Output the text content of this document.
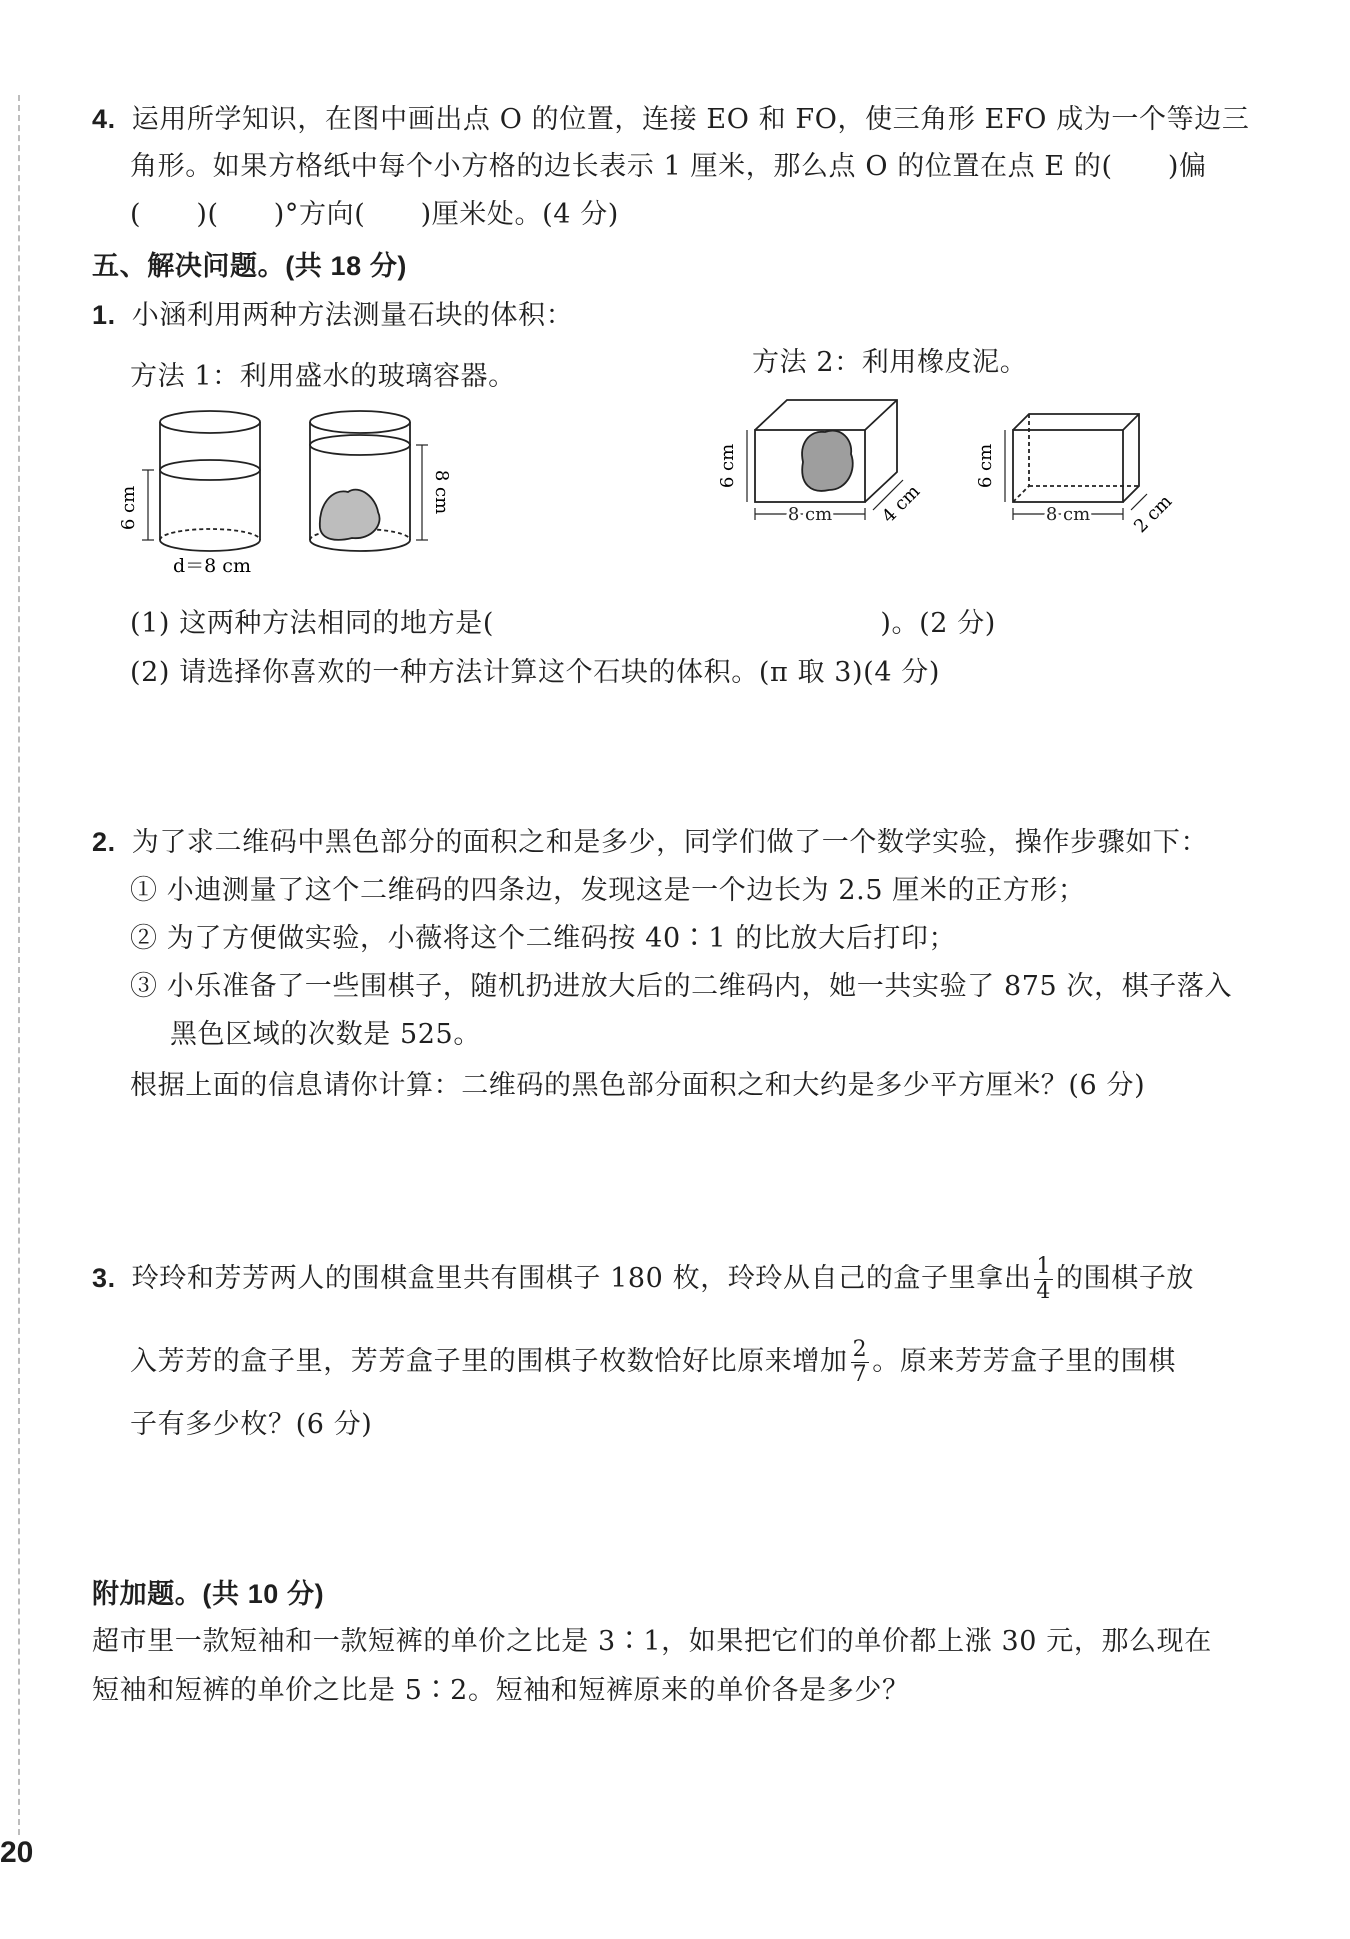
4. 运用所学知识，在图中画出点 O 的位置，连接 EO 和 FO，使三角形 EFO 成为一个等边三
角形。如果方格纸中每个小方格的边长表示 1 厘米，那么点 O 的位置在点 E 的(　　)偏
(　　)(　　)°方向(　　)厘米处。(4 分)
五、解决问题。(共 18 分)
1. 小涵利用两种方法测量石块的体积：
方法 1：利用盛水的玻璃容器。	方法 2：利用橡皮泥。
6 cm	8 cm
d＝8 cm
6 cm
8 cm	4 cm
6 cm
8 cm 2 cm
(1) 这两种方法相同的地方是(　　　　　　　　　　　　　　)。(2 分)
(2) 请选择你喜欢的一种方法计算这个石块的体积。(π 取 3)(4 分)
2. 为了求二维码中黑色部分的面积之和是多少，同学们做了一个数学实验，操作步骤如下：
① 小迪测量了这个二维码的四条边，发现这是一个边长为 2.5 厘米的正方形；
② 为了方便做实验，小薇将这个二维码按 40∶1 的比放大后打印；
③ 小乐准备了一些围棋子，随机扔进放大后的二维码内，她一共实验了 875 次，棋子落入
黑色区域的次数是 525。
根据上面的信息请你计算：二维码的黑色部分面积之和大约是多少平方厘米？(6 分)
3. 玲玲和芳芳两人的围棋盒里共有围棋子 180 枚，玲玲从自己的盒子里拿出 $\frac{1}{4}$ 的围棋子放
入芳芳的盒子里，芳芳盒子里的围棋子枚数恰好比原来增加 $\frac{2}{7}$ 。原来芳芳盒子里的围棋
子有多少枚？(6 分)
附加题。(共 10 分)
超市里一款短袖和一款短裤的单价之比是 3∶1，如果把它们的单价都上涨 30 元，那么现在
短袖和短裤的单价之比是 5∶2。短袖和短裤原来的单价各是多少？
20
